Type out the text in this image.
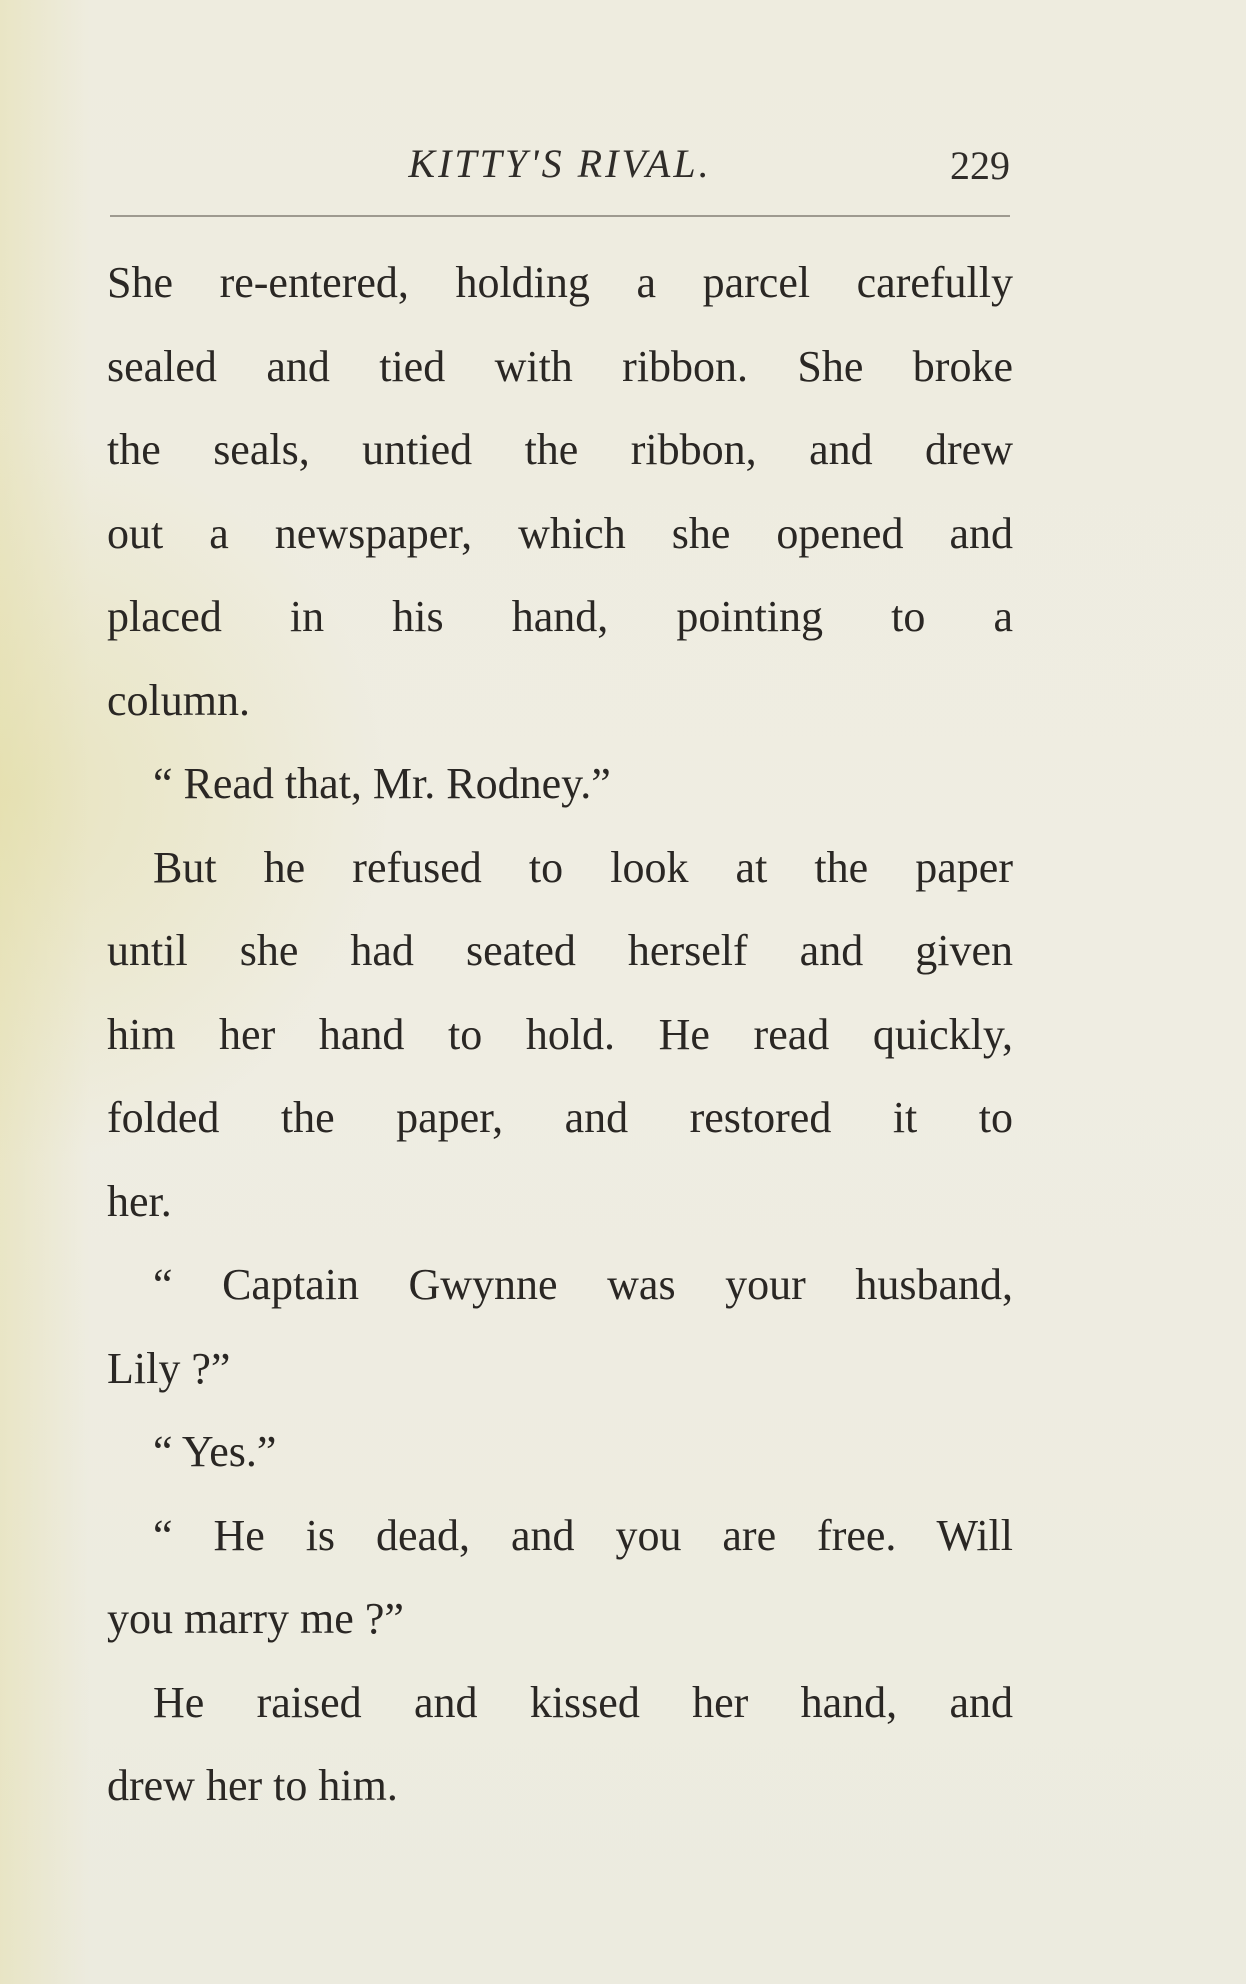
KITTY'S RIVAL.	229
She re-entered, holding a parcel carefully
sealed and tied with ribbon. She broke
the seals, untied the ribbon, and drew
out a newspaper, which she opened and
placed in his hand, pointing to a
column.
“ Read that, Mr. Rodney.”
But he refused to look at the paper
until she had seated herself and given
him her hand to hold. He read quickly,
folded the paper, and restored it to
her.
“ Captain Gwynne was your husband,
Lily ?”
“ Yes.”
“ He is dead, and you are free. Will
you marry me ?”
He raised and kissed her hand, and
drew her to him.
